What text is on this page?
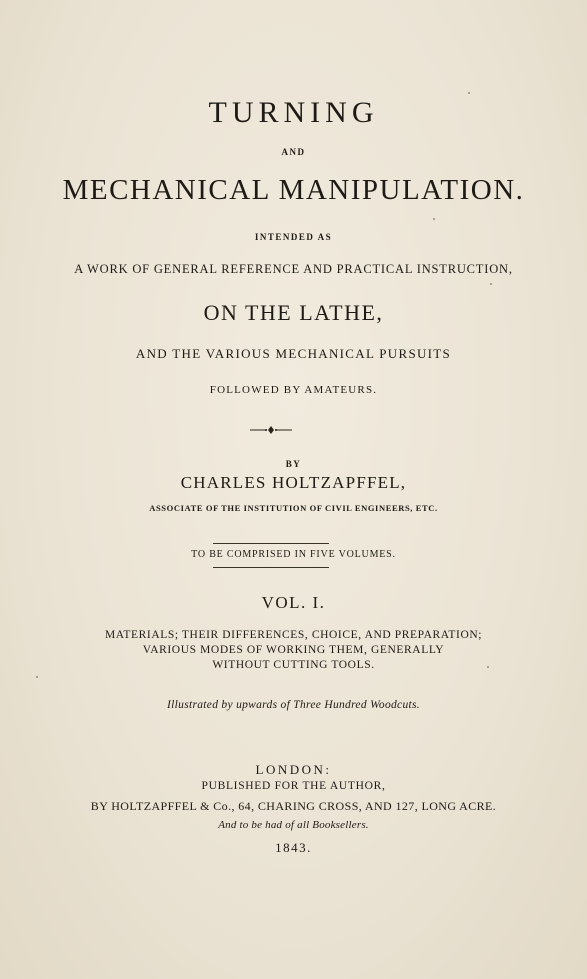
TURNING
AND
MECHANICAL MANIPULATION.
INTENDED AS
A WORK OF GENERAL REFERENCE AND PRACTICAL INSTRUCTION,
ON THE LATHE,
AND THE VARIOUS MECHANICAL PURSUITS
FOLLOWED BY AMATEURS.
BY
CHARLES HOLTZAPFFEL,
ASSOCIATE OF THE INSTITUTION OF CIVIL ENGINEERS, ETC.
TO BE COMPRISED IN FIVE VOLUMES.
VOL. I.
MATERIALS; THEIR DIFFERENCES, CHOICE, AND PREPARATION;
VARIOUS MODES OF WORKING THEM, GENERALLY
WITHOUT CUTTING TOOLS.
Illustrated by upwards of Three Hundred Woodcuts.
LONDON:
PUBLISHED FOR THE AUTHOR,
BY HOLTZAPFFEL & Co., 64, CHARING CROSS, AND 127, LONG ACRE.
And to be had of all Booksellers.
1843.
